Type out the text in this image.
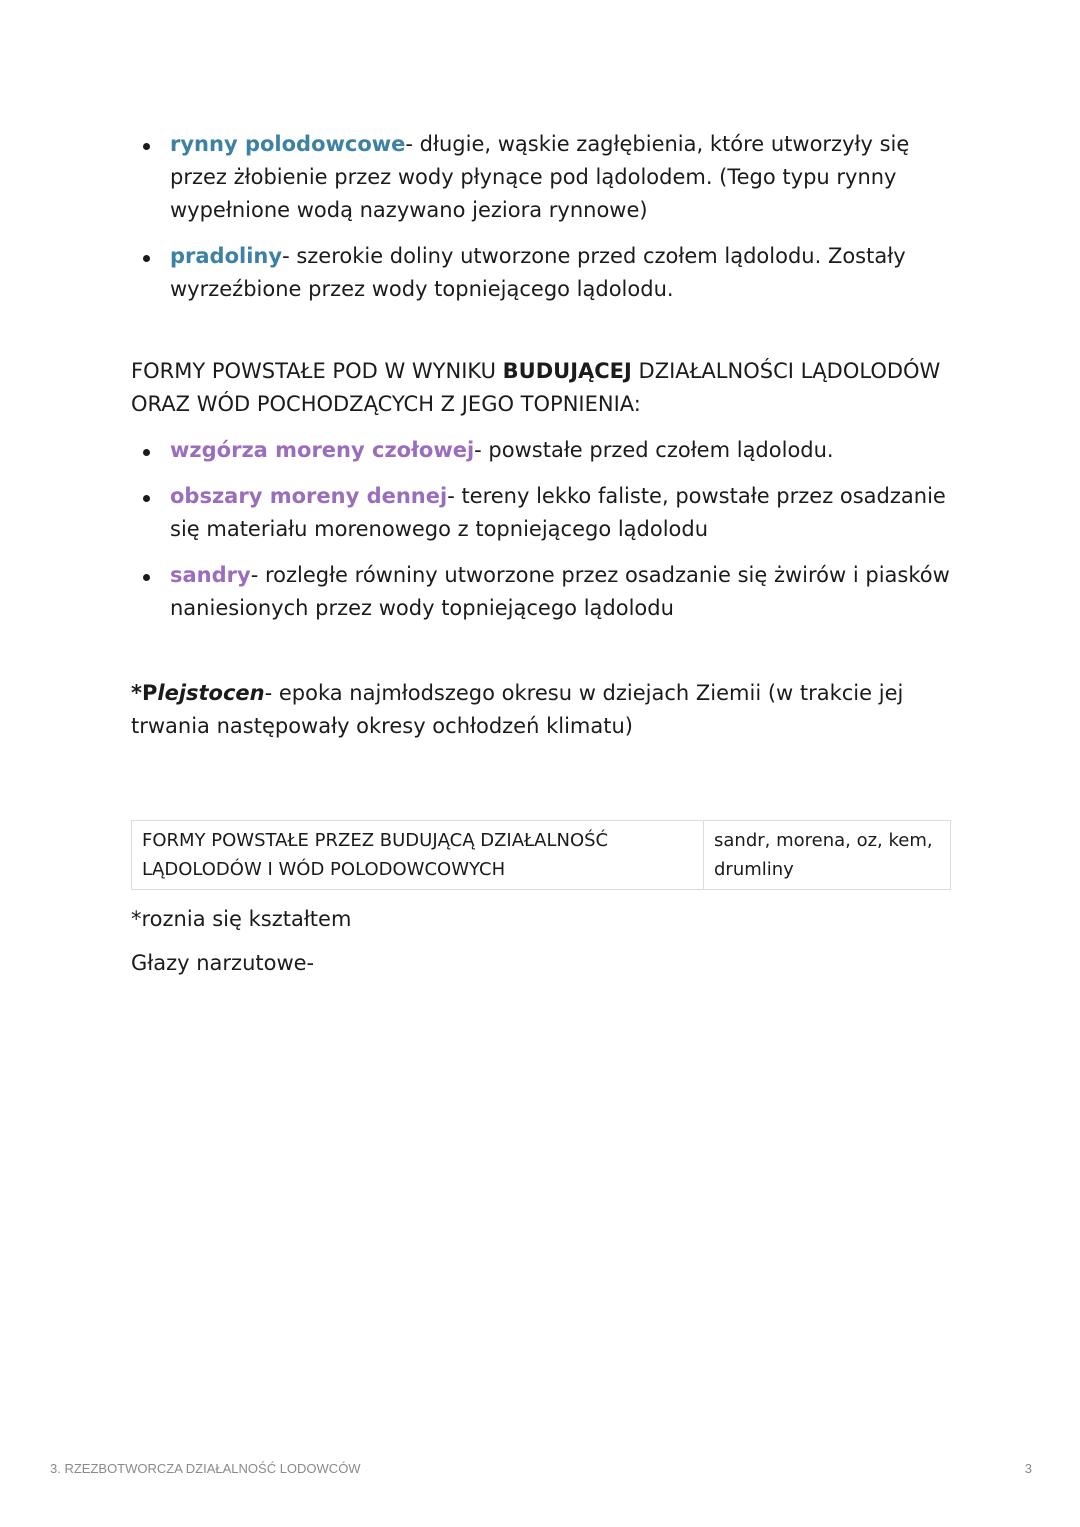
rynny polodowcowe- długie, wąskie zagłębienia, które utworzyły się przez żłobienie przez wody płynące pod lądolodem. (Tego typu rynny wypełnione wodą nazywano jeziora rynnowe)
pradoliny- szerokie doliny utworzone przed czołem lądolodu. Zostały wyrzeźbione przez wody topniejącego lądolodu.

FORMY POWSTAŁE POD W WYNIKU BUDUJĄCEJ DZIAŁALNOŚCI LĄDOLODÓW ORAZ WÓD POCHODZĄCYCH Z JEGO TOPNIENIA:

wzgórza moreny czołowej- powstałe przed czołem lądolodu.
obszary moreny dennej- tereny lekko faliste, powstałe przez osadzanie się materiału morenowego z topniejącego lądolodu
sandry- rozległe równiny utworzone przez osadzanie się żwirów i piasków naniesionych przez wody topniejącego lądolodu

*Plejstocen- epoka najmłodszego okresu w dziejach Ziemii (w trakcie jej trwania następowały okresy ochłodzeń klimatu)

FORMY POWSTAŁE PRZEZ BUDUJĄCĄ DZIAŁALNOŚĆ LĄDOLODÓW I WÓD POLODOWCOWYCH	sandr, morena, oz, kem, drumliny

*roznia się kształtem

Głazy narzutowe-

3. RZEZBOTWORCZA DZIAŁALNOŚĆ LODOWCÓW	3
